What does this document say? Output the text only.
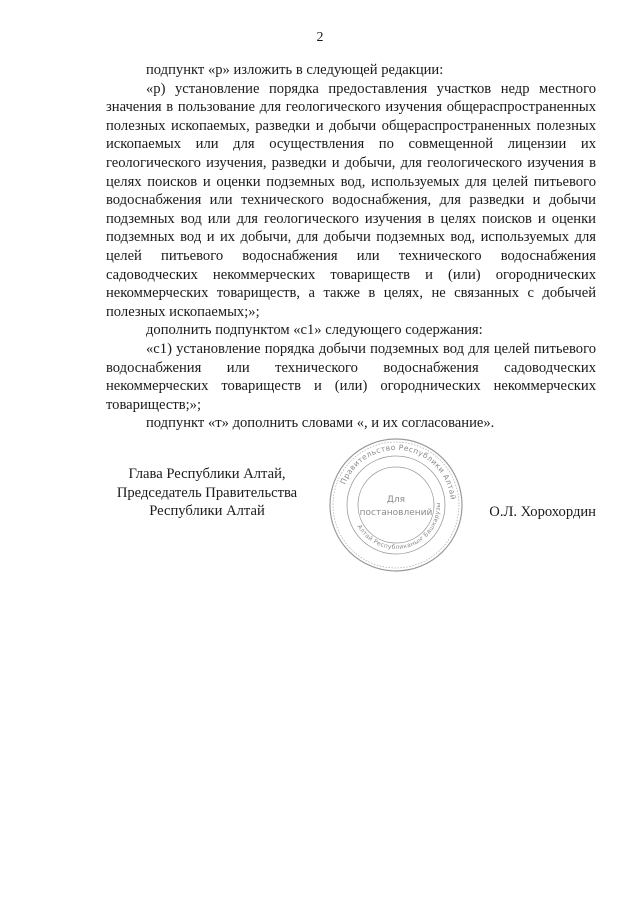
2

подпункт «р» изложить в следующей редакции:

«р) установление порядка предоставления участков недр местного значения в пользование для геологического изучения общераспространенных полезных ископаемых, разведки и добычи общераспространенных полезных ископаемых или для осуществления по совмещенной лицензии их геологического изучения, разведки и добычи, для геологического изучения в целях поисков и оценки подземных вод, используемых для целей питьевого водоснабжения или технического водоснабжения, для разведки и добычи подземных вод или для геологического изучения в целях поисков и оценки подземных вод и их добычи, для добычи подземных вод, используемых для целей питьевого водоснабжения или технического водоснабжения садоводческих некоммерческих товариществ и (или) огороднических некоммерческих товариществ, а также в целях, не связанных с добычей полезных ископаемых;»;

дополнить подпунктом «с1» следующего содержания:

«с1) установление порядка добычи подземных вод для целей питьевого водоснабжения или технического водоснабжения садоводческих некоммерческих товариществ и (или) огороднических некоммерческих товариществ;»;

подпункт «т» дополнить словами «, и их согласование».

Глава Республики Алтай,
Председатель Правительства
Республики Алтай
Правительство Республики Алтай
Алтай Республиканыҥ Башкарузы
Для
постановлений	О.Л. Хорохордин
